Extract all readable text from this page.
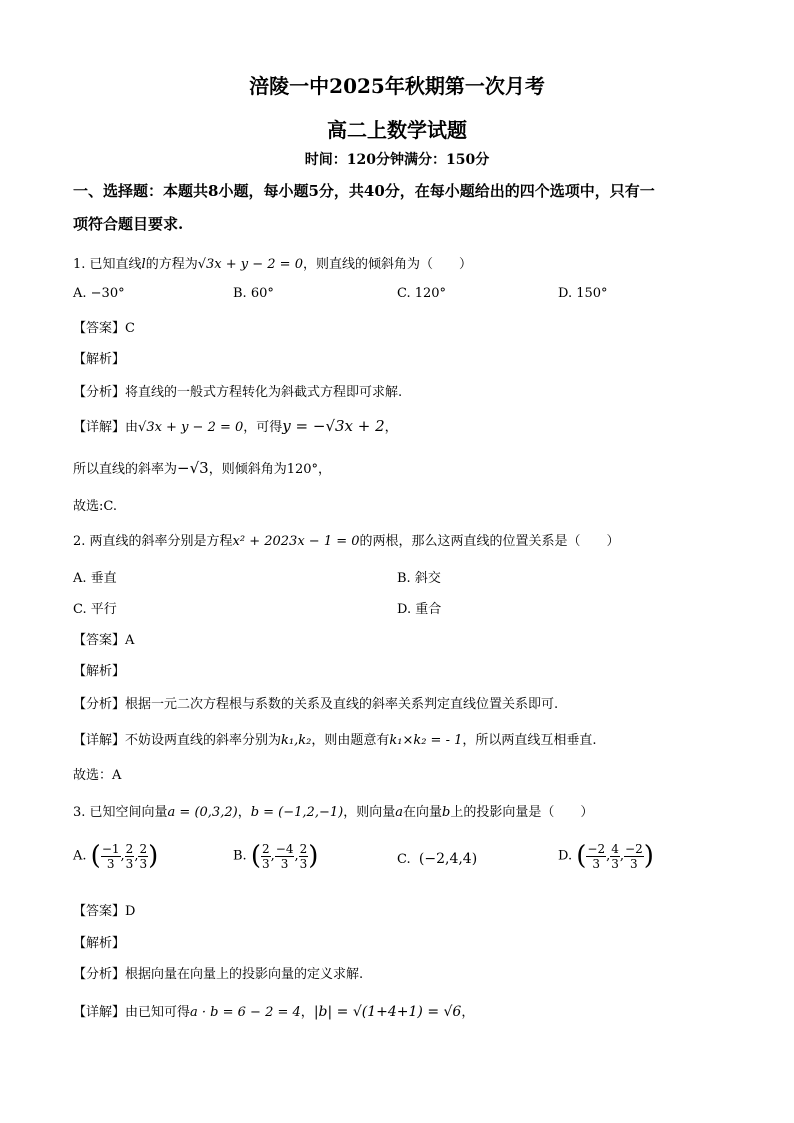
涪陵一中2025年秋期第一次月考
高二上数学试题
时间：120分钟满分：150分
一、选择题：本题共8小题，每小题5分，共40分，在每小题给出的四个选项中，只有一
项符合题目要求.
1. 已知直线l的方程为√3x + y − 2 = 0，则直线的倾斜角为（　　）
A. −30°	B. 60°	C. 120°	D. 150°
【答案】C
【解析】
【分析】将直线的一般式方程转化为斜截式方程即可求解.
【详解】由√3x + y − 2 = 0，可得y = −√3x + 2，
所以直线的斜率为−√3，则倾斜角为120°，
故选:C.
2. 两直线的斜率分别是方程x² + 2023x − 1 = 0的两根，那么这两直线的位置关系是（　　）
A. 垂直	B. 斜交
C. 平行	D. 重合
【答案】A
【解析】
【分析】根据一元二次方程根与系数的关系及直线的斜率关系判定直线位置关系即可.
【详解】不妨设两直线的斜率分别为k₁,k₂，则由题意有k₁×k₂ = - 1，所以两直线互相垂直.
故选：A
3. 已知空间向量a = (0,3,2)，b = (−1,2,−1)，则向量a在向量b上的投影向量是（　　）
A. ( $\frac{-1}{3}$ , $\frac{2}{3}$ , $\frac{2}{3}$ )	B. ( $\frac{2}{3}$ , $\frac{-4}{3}$ , $\frac{2}{3}$ )	C. (−2,4,4)	D. ( $\frac{-2}{3}$ , $\frac{4}{3}$ , $\frac{-2}{3}$ )
【答案】D
【解析】
【分析】根据向量在向量上的投影向量的定义求解.
【详解】由已知可得a · b = 6 − 2 = 4，|b| = √(1+4+1) = √6，
